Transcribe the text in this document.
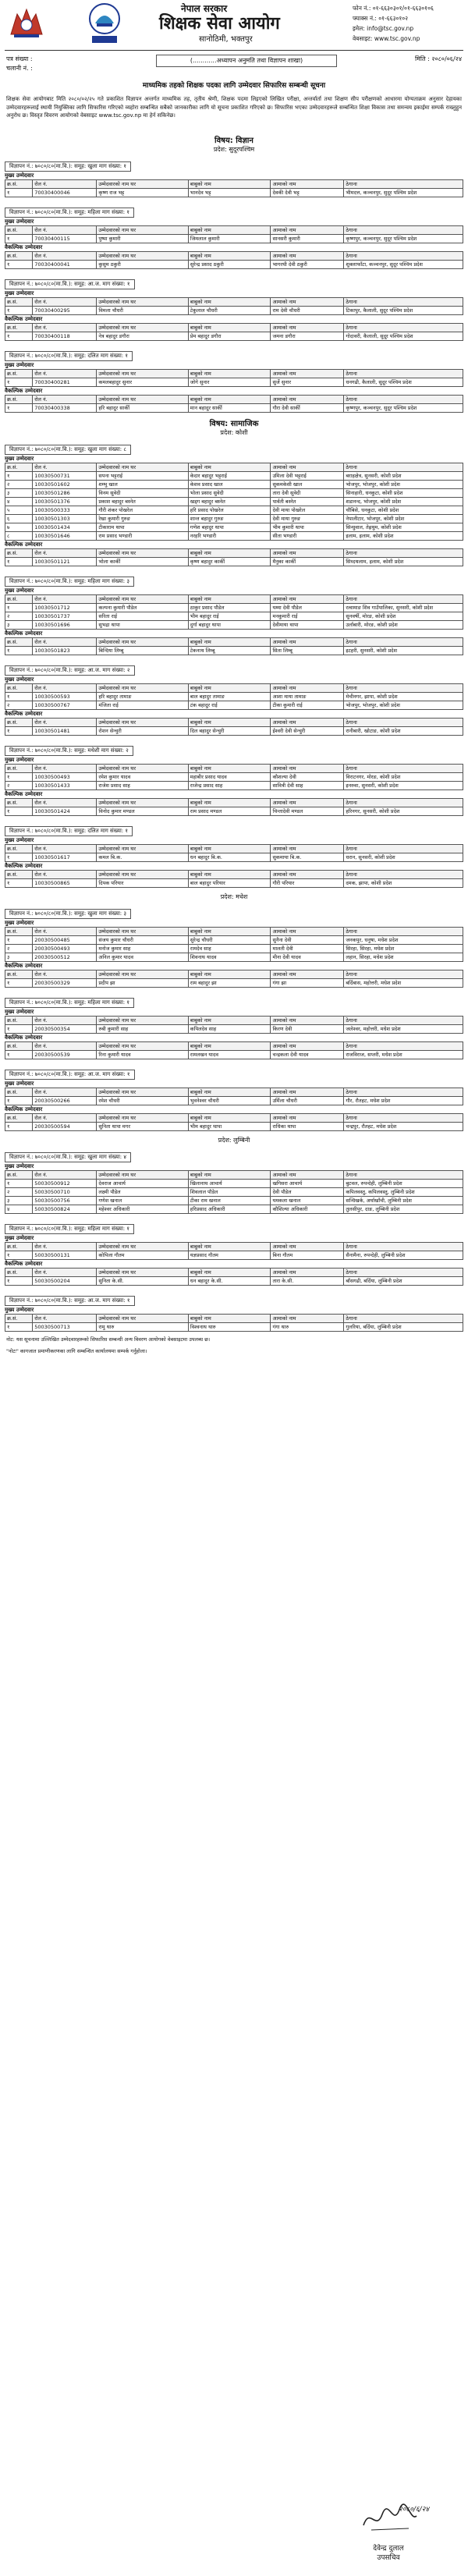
नेपाल सरकार
शिक्षक सेवा आयोग
सानोठिमी, भक्तपुर
फोन नं.: ०१-६६३०३०१/०१-६६३०१०६
फ्याक्स नं.: ०१-६६३०१०२
इमेल: info@tsc.gov.np
वेबसाइट: www.tsc.gov.np
पत्र संख्या :
चलानी नं. :
(............अध्यापन अनुमति तथा विज्ञापन शाखा)	मिति : २०८०/०६/२४
माध्यमिक तहको शिक्षक पदका लागि उम्मेदवार सिफारिस सम्बन्धी सूचना
शिक्षक सेवा आयोगबाट मिति २०८०/०२/२५ गते प्रकाशित विज्ञापन अन्तर्गत माध्यमिक तह, तृतीय श्रेणी, शिक्षक पदमा लिइएको लिखित परीक्षा, अन्तर्वार्ता तथा शिक्षण सीप परीक्षणको आधारमा योग्यताक्रम अनुसार देहायका उम्मेदवारहरूलाई स्थायी नियुक्तिका लागि सिफारिस गरिएको व्यहोरा सम्बन्धित सबैको जानकारीका लागि यो सूचना प्रकाशित गरिएको छ। सिफारिस भएका उम्मेदवारहरूले सम्बन्धित शिक्षा विकास तथा समन्वय इकाईमा सम्पर्क राख्नुहुन अनुरोध छ। विस्तृत विवरण आयोगको वेबसाइट www.tsc.gov.np मा हेर्न सकिनेछ।
विषय: विज्ञान
प्रदेश: सुदूरपश्चिम
विज्ञापन नं.: ७०८०/८०(मा.वि.): समूह: खुला माग संख्या: १
मुख्य उम्मेदवार
क्र.सं.	रोल नं.	उम्मेदवारको नाम थर	बाबुको नाम	आमाको नाम	ठेगाना
१	70030400046	कृष्ण राज भट्ट	भानदेव भट्ट	देवकी देवी भट्ट	भीमदत्त, कञ्चनपुर, सुदूर पश्चिम प्रदेश
विज्ञापन नं.: ७०८०/८०(मा.वि.): समूह: महिला माग संख्या: १
मुख्य उम्मेदवार
क्र.सं.	रोल नं.	उम्मेदवारको नाम थर	बाबुको नाम	आमाको नाम	ठेगाना
१	70030400115	पुष्पा कुमारी	जिमलाल कुमारी	सानसरी कुमारी	कृष्णपुर, कञ्चनपुर, सुदूर पश्चिम प्रदेश
वैकल्पिक उम्मेदवार
क्र.सं.	रोल नं.	उम्मेदवारको नाम थर	बाबुको नाम	आमाको नाम	ठेगाना
१	70030400041	कुसुम ठकुरी	सुरेन्द्र प्रसाद ठकुरी	भागरथी देवी ठकुरी	शुक्लाफाँटा, कञ्चनपुर, सुदूर पश्चिम प्रदेश
विज्ञापन नं.: ७०८०/८०(मा.वि.): समूह: आ.ज. माग संख्या: १
मुख्य उम्मेदवार
क्र.सं.	रोल नं.	उम्मेदवारको नाम थर	बाबुको नाम	आमाको नाम	ठेगाना
१	70030400295	विमला चौधरी	टेकुलाल चौधरी	राम देवी चौधरी	टिकापुर, कैलाली, सुदूर पश्चिम प्रदेश
वैकल्पिक उम्मेदवार
क्र.सं.	रोल नं.	उम्मेदवारको नाम थर	बाबुको नाम	आमाको नाम	ठेगाना
१	70030400118	नेत्र बहादुर डगौरा	प्रेम बहादुर डगौरा	जमना डगौरा	गोदावरी, कैलाली, सुदूर पश्चिम प्रदेश
विज्ञापन नं.: ७०८०/८०(मा.वि.): समूह: दलित माग संख्या: १
मुख्य उम्मेदवार
क्र.सं.	रोल नं.	उम्मेदवारको नाम थर	बाबुको नाम	आमाको नाम	ठेगाना
१	70030400281	कमलबहादुर सुनार	जोगे सुनार	सुर्जे सुनार	धनगढी, कैलाली, सुदूर पश्चिम प्रदेश
वैकल्पिक उम्मेदवार
क्र.सं.	रोल नं.	उम्मेदवारको नाम थर	बाबुको नाम	आमाको नाम	ठेगाना
१	70030400338	हरि बहादुर सार्की	मान बहादुर सार्की	गौरा देवी सार्की	कृष्णपुर, कञ्चनपुर, सुदूर पश्चिम प्रदेश
विषय: सामाजिक
प्रदेश: कोशी
विज्ञापन नं.: ७०८०/८०(मा.वि.): समूह: खुला माग संख्या: ८
मुख्य उम्मेदवार
क्र.सं.	रोल नं.	उम्मेदवारको नाम थर	बाबुको नाम	आमाको नाम	ठेगाना
१	10030500731	सपना भट्टराई	केदार बहादुर भट्टराई	उमिला देवी भट्टराई	बराहक्षेत्र, सुनसरी, कोशी प्रदेश
२	10030501602	शम्भु खाल	केशव प्रसाद खाल	सुकमकेसी खाल	भोजपुर, भोजपुर, कोशी प्रदेश
३	10030501286	विनम सुवेदी	भोला प्रसाद सुवेदी	तारा देवी सुवेदी	सिनाहारी, धनकुटा, कोशी प्रदेश
४	10030501376	प्रकाश बहादुर बस्नेत	खड्ग बहादुर बस्नेत	पार्वती बस्नेत	शडानन्द, भोजपुर, कोशी प्रदेश
५	10030500333	गौरी शंकर पोखरेल	हरि प्रसाद पोखरेल	देवी माया पोखरेल	चौबिसे, धनकुटा, कोशी प्रदेश
६	10030501303	रेखा कुमारी गुरुङ	शान्त बहादुर गुरुङ	देवी माया गुरुङ	नेपालीटार, भोजपुर, कोशी प्रदेश
७	10030501434	टीकाराम थापा	गणेश बहादुर थापा	भीम कुमारी थापा	सिन्धुवाल, तेह्रथुम, कोशी प्रदेश
८	10030501646	राम प्रसाद भण्डारी	नरहरि भण्डारी	सीता भण्डारी	इलाम, इलाम, कोशी प्रदेश
वैकल्पिक उम्मेदवार
क्र.सं.	रोल नं.	उम्मेदवारको नाम थर	बाबुको नाम	आमाको नाम	ठेगाना
१	10030501121	भोला कार्की	कृष्ण बहादुर कार्की	मैनुका कार्की	सिध्दथलाम, इलाम, कोशी प्रदेश
विज्ञापन नं.: ७०८०/८०(मा.वि.): समूह: महिला माग संख्या: ३
मुख्य उम्मेदवार
क्र.सं.	रोल नं.	उम्मेदवारको नाम थर	बाबुको नाम	आमाको नाम	ठेगाना
१	10030501712	कल्पना कुमारी पौडेल	ठाकुर प्रसाद पौडेल	यम्मा देवी पौडेल	रत्वामाङ शिव गाउँपालिका, सुनसरी, कोशी प्रदेश
२	10030501737	सरिता राई	भीम बहादुर राई	मनकुमारी राई	सुनवर्षी, मोरङ, कोशी प्रदेश
३	10030501696	सुभद्रा थापा	दुर्गा बहादुर थापा	देवीमाया थापा	उर्लाबारी, मोरङ, कोशी प्रदेश
वैकल्पिक उम्मेदवार
क्र.सं.	रोल नं.	उम्मेदवारको नाम थर	बाबुको नाम	आमाको नाम	ठेगाना
१	10030501823	बिन्दिया लिम्बू	टेकनाथ लिम्बू	सिता लिम्बू	इटहरी, सुनसरी, कोशी प्रदेश
विज्ञापन नं.: ७०८०/८०(मा.वि.): समूह: आ.ज. माग संख्या: २
मुख्य उम्मेदवार
क्र.सं.	रोल नं.	उम्मेदवारको नाम थर	बाबुको नाम	आमाको नाम	ठेगाना
१	10030500593	हरि बहादुर तामाङ	बाल बहादुर तामाङ	आशा माया तामाङ	मेचीनगर, झापा, कोशी प्रदेश
२	10030500767	मंजिता राई	टंक बहादुर राई	टीका कुमारी राई	भोजपुर, भोजपुर, कोशी प्रदेश
वैकल्पिक उम्मेदवार
क्र.सं.	रोल नं.	उम्मेदवारको नाम थर	बाबुको नाम	आमाको नाम	ठेगाना
१	10030501481	रोशन सेन्चुरी	दिल बहादुर सेन्चुरी	ईश्वरी देवी सेन्चुरी	रानीबारी, खोटाङ, कोशी प्रदेश
विज्ञापन नं.: ७०८०/८०(मा.वि.): समूह: मधेशी माग संख्या: २
मुख्य उम्मेदवार
क्र.सं.	रोल नं.	उम्मेदवारको नाम थर	बाबुको नाम	आमाको नाम	ठेगाना
१	10030500493	रमेश कुमार यादव	महाबीर प्रसाद यादव	कौशल्या देवी	विराटनगर, मोरङ, कोशी प्रदेश
२	10030501433	राजेश प्रसाद साह	राजेन्द्र प्रसाद साह	सावित्री देवी साह	इनरुवा, सुनसरी, कोशी प्रदेश
वैकल्पिक उम्मेदवार
क्र.सं.	रोल नं.	उम्मेदवारको नाम थर	बाबुको नाम	आमाको नाम	ठेगाना
१	10030501424	विनोद कुमार मण्डल	राम प्रसाद मण्डल	चिन्तादेवी मण्डल	हरिनगर, सुनसरी, कोशी प्रदेश
विज्ञापन नं.: ७०८०/८०(मा.वि.): समूह: दलित माग संख्या: १
मुख्य उम्मेदवार
क्र.सं.	रोल नं.	उम्मेदवारको नाम थर	बाबुको नाम	आमाको नाम	ठेगाना
१	10030501617	कमल बि.क.	धन बहादुर बि.क.	सुकमाया बि.क.	धरान, सुनसरी, कोशी प्रदेश
वैकल्पिक उम्मेदवार
क्र.सं.	रोल नं.	उम्मेदवारको नाम थर	बाबुको नाम	आमाको नाम	ठेगाना
१	10030500865	दिपक परियार	बाल बहादुर परियार	गौरी परियार	दमक, झापा, कोशी प्रदेश
प्रदेश: मधेश
विज्ञापन नं.: ७०८०/८०(मा.वि.): समूह: खुला माग संख्या: ३
मुख्य उम्मेदवार
क्र.सं.	रोल नं.	उम्मेदवारको नाम थर	बाबुको नाम	आमाको नाम	ठेगाना
१	20030500485	संजय कुमार चौधरी	सुरेन्द्र चौधरी	सुनैना देवी	जनकपुर, धनुषा, मधेश प्रदेश
२	20030500493	मनोज कुमार साह	रामदेव साह	मालती देवी	सिरहा, सिरहा, मधेश प्रदेश
३	20030500512	अनिल कुमार यादव	शिवनाथ यादव	मीना देवी यादव	लहान, सिरहा, मधेश प्रदेश
वैकल्पिक उम्मेदवार
क्र.सं.	रोल नं.	उम्मेदवारको नाम थर	बाबुको नाम	आमाको नाम	ठेगाना
१	20030500329	प्रदीप झा	राम बहादुर झा	गंगा झा	बर्दिबास, महोत्तरी, मधेश प्रदेश
विज्ञापन नं.: ७०८०/८०(मा.वि.): समूह: महिला माग संख्या: १
मुख्य उम्मेदवार
क्र.सं.	रोल नं.	उम्मेदवारको नाम थर	बाबुको नाम	आमाको नाम	ठेगाना
१	20030500354	रुबी कुमारी साह	कपिलदेव साह	किरण देवी	जलेश्वर, महोत्तरी, मधेश प्रदेश
वैकल्पिक उम्मेदवार
क्र.सं.	रोल नं.	उम्मेदवारको नाम थर	बाबुको नाम	आमाको नाम	ठेगाना
१	20030500539	रिना कुमारी यादव	रामलखन यादव	चन्द्रकला देवी यादव	राजविराज, सप्तरी, मधेश प्रदेश
विज्ञापन नं.: ७०८०/८०(मा.वि.): समूह: आ.ज. माग संख्या: १
मुख्य उम्मेदवार
क्र.सं.	रोल नं.	उम्मेदवारको नाम थर	बाबुको नाम	आमाको नाम	ठेगाना
१	20030500266	रमेश चौधरी	भुवनेश्वर चौधरी	उर्मिला चौधरी	गौर, रौतहट, मधेश प्रदेश
वैकल्पिक उम्मेदवार
क्र.सं.	रोल नं.	उम्मेदवारको नाम थर	बाबुको नाम	आमाको नाम	ठेगाना
१	20030500594	सुनिता थापा मगर	भीम बहादुर थापा	राधिका थापा	चन्द्रपुर, रौतहट, मधेश प्रदेश
प्रदेश: लुम्बिनी
विज्ञापन नं.: ७०८०/८०(मा.वि.): समूह: खुला माग संख्या: ४
मुख्य उम्मेदवार
क्र.सं.	रोल नं.	उम्मेदवारको नाम थर	बाबुको नाम	आमाको नाम	ठेगाना
१	50030500912	देवराज आचार्य	खिलानाथ आचार्य	खगिसरा आचार्य	बुटवल, रुपन्देही, लुम्बिनी प्रदेश
२	50030500710	लक्ष्मी पौडेल	शिवलाल पौडेल	देवी पौडेल	कपिलवस्तु, कपिलवस्तु, लुम्बिनी प्रदेश
३	50030500756	गणेश खनाल	टीका राम खनाल	यमकला खनाल	सन्धिखर्क, अर्घाखाँची, लुम्बिनी प्रदेश
४	50030500824	महेश्वर अधिकारी	हरिप्रसाद अधिकारी	कौशिल्या अधिकारी	तुलसीपुर, दाङ, लुम्बिनी प्रदेश
विज्ञापन नं.: ७०८०/८०(मा.वि.): समूह: महिला माग संख्या: १
मुख्य उम्मेदवार
क्र.सं.	रोल नं.	उम्मेदवारको नाम थर	बाबुको नाम	आमाको नाम	ठेगाना
१	50030500131	कोपिला गौतम	यज्ञप्रसाद गौतम	बिना गौतम	सैनामैना, रुपन्देही, लुम्बिनी प्रदेश
वैकल्पिक उम्मेदवार
क्र.सं.	रोल नं.	उम्मेदवारको नाम थर	बाबुको नाम	आमाको नाम	ठेगाना
१	50030500204	सुनिता के.सी.	धन बहादुर के.सी.	तारा के.सी.	बाँसगढी, बर्दिया, लुम्बिनी प्रदेश
विज्ञापन नं.: ७०८०/८०(मा.वि.): समूह: आ.ज. माग संख्या: १
मुख्य उम्मेदवार
क्र.सं.	रोल नं.	उम्मेदवारको नाम थर	बाबुको नाम	आमाको नाम	ठेगाना
१	50030500713	रामु थारु	विश्वनाथ थारु	गंगा थारु	गुलरिया, बर्दिया, लुम्बिनी प्रदेश
नोट: यस सूचनामा उल्लिखित उम्मेदवारहरूको सिफारिस सम्बन्धी अन्य विवरण आयोगको वेबसाइटमा उपलब्ध छ।
"नोटः" कागजात प्रमाणीकरणका लागि सम्बन्धित कार्यालयमा सम्पर्क गर्नुहोला।
२०८०/६/२४
देवेन्द्र दुलाल
उपसचिव
